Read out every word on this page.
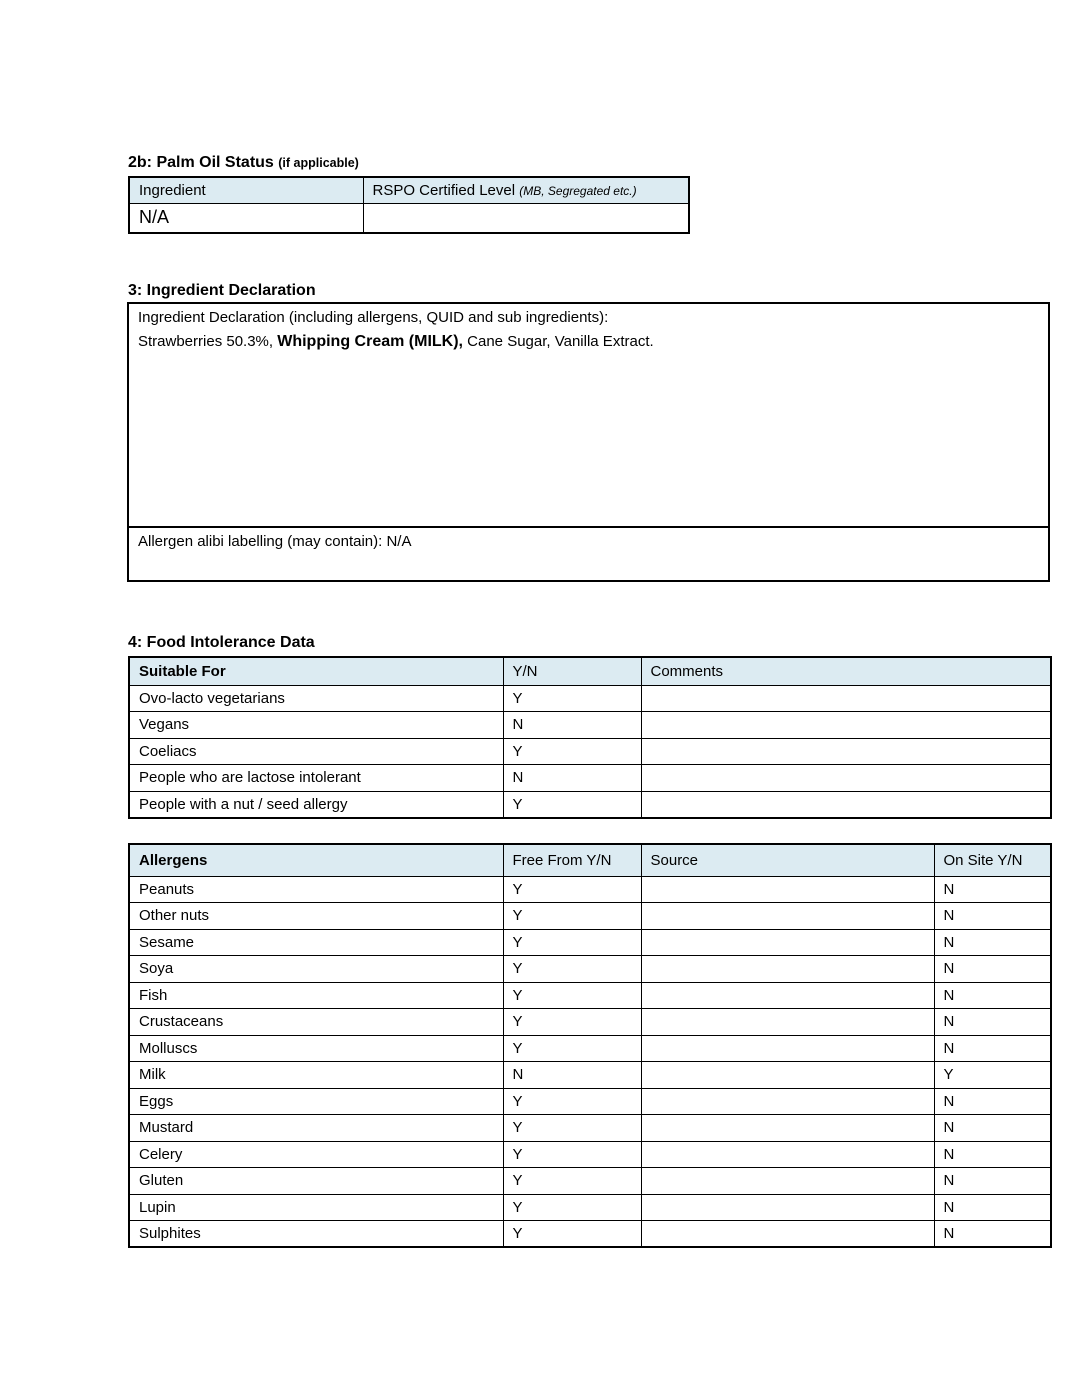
2b: Palm Oil Status (if applicable)
Ingredient	RSPO Certified Level (MB, Segregated etc.)
N/A	
3: Ingredient Declaration
Ingredient Declaration (including allergens, QUID and sub ingredients):
Strawberries 50.3%, Whipping Cream (MILK), Cane Sugar, Vanilla Extract.
Allergen alibi labelling (may contain): N/A
4: Food Intolerance Data
Suitable For	Y/N	Comments
Ovo-lacto vegetarians	Y	
Vegans	N	
Coeliacs	Y	
People who are lactose intolerant	N	
People with a nut / seed allergy	Y	
Allergens	Free From Y/N	Source	On Site Y/N
Peanuts	Y		N
Other nuts	Y		N
Sesame	Y		N
Soya	Y		N
Fish	Y		N
Crustaceans	Y		N
Molluscs	Y		N
Milk	N		Y
Eggs	Y		N
Mustard	Y		N
Celery	Y		N
Gluten	Y		N
Lupin	Y		N
Sulphites	Y		N
